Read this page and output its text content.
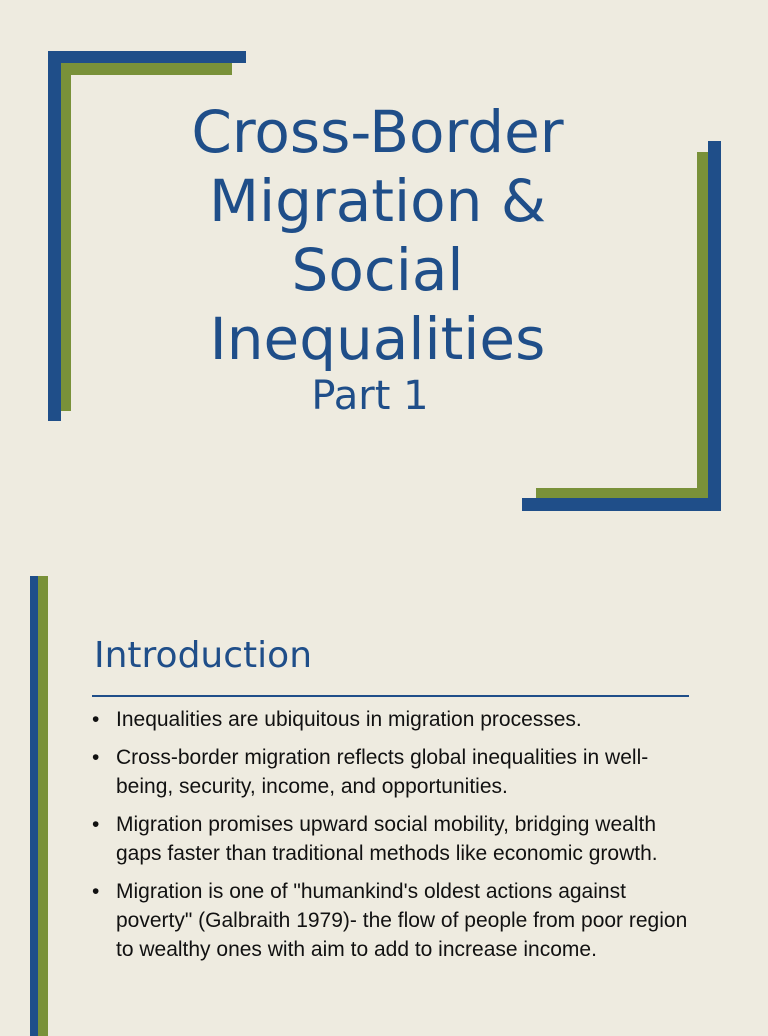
Cross-Border Migration & Social Inequalities
Part 1
Introduction
• Inequalities are ubiquitous in migration processes.
• Cross-border migration reflects global inequalities in well-being, security, income, and opportunities.
• Migration promises upward social mobility, bridging wealth gaps faster than traditional methods like economic growth.
• Migration is one of "humankind's oldest actions against poverty" (Galbraith 1979)- the flow of people from poor region to wealthy ones with aim to add to increase income.
